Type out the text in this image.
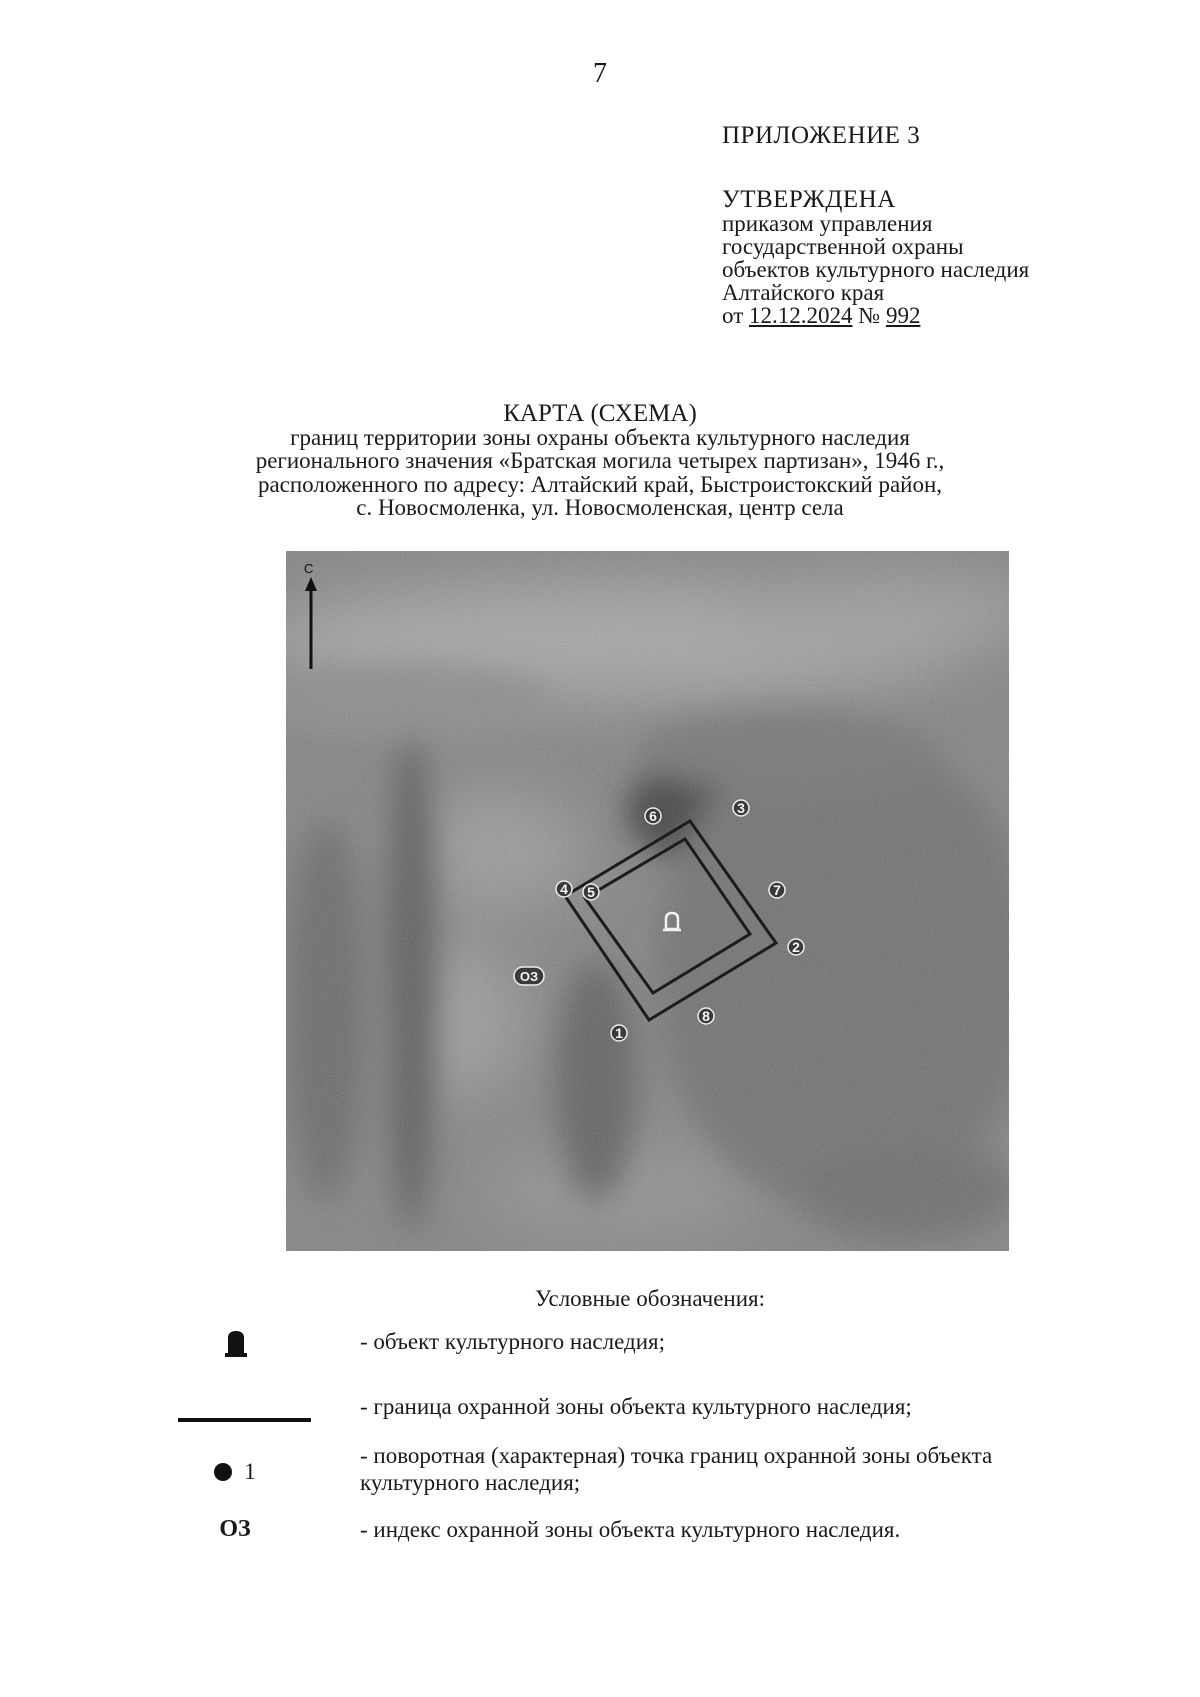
7
ПРИЛОЖЕНИЕ 3
УТВЕРЖДЕНА
приказом управления
государственной охраны
объектов культурного наследия
Алтайского края
от 12.12.2024 № 992
КАРТА (СХЕМА)
границ территории зоны охраны объекта культурного наследия
регионального значения «Братская могила четырех партизан», 1946 г.,
расположенного по адресу: Алтайский край, Быстроистокский район,
с. Новосмоленка, ул. Новосмоленская, центр села
С
1
2
3
4 5
6
7
8
ОЗ
Условные обозначения:
- объект культурного наследия;
- граница охранной зоны объекта культурного наследия;
1
- поворотная (характерная) точка границ охранной зоны объекта культурного наследия;
ОЗ	- индекс охранной зоны объекта культурного наследия.
